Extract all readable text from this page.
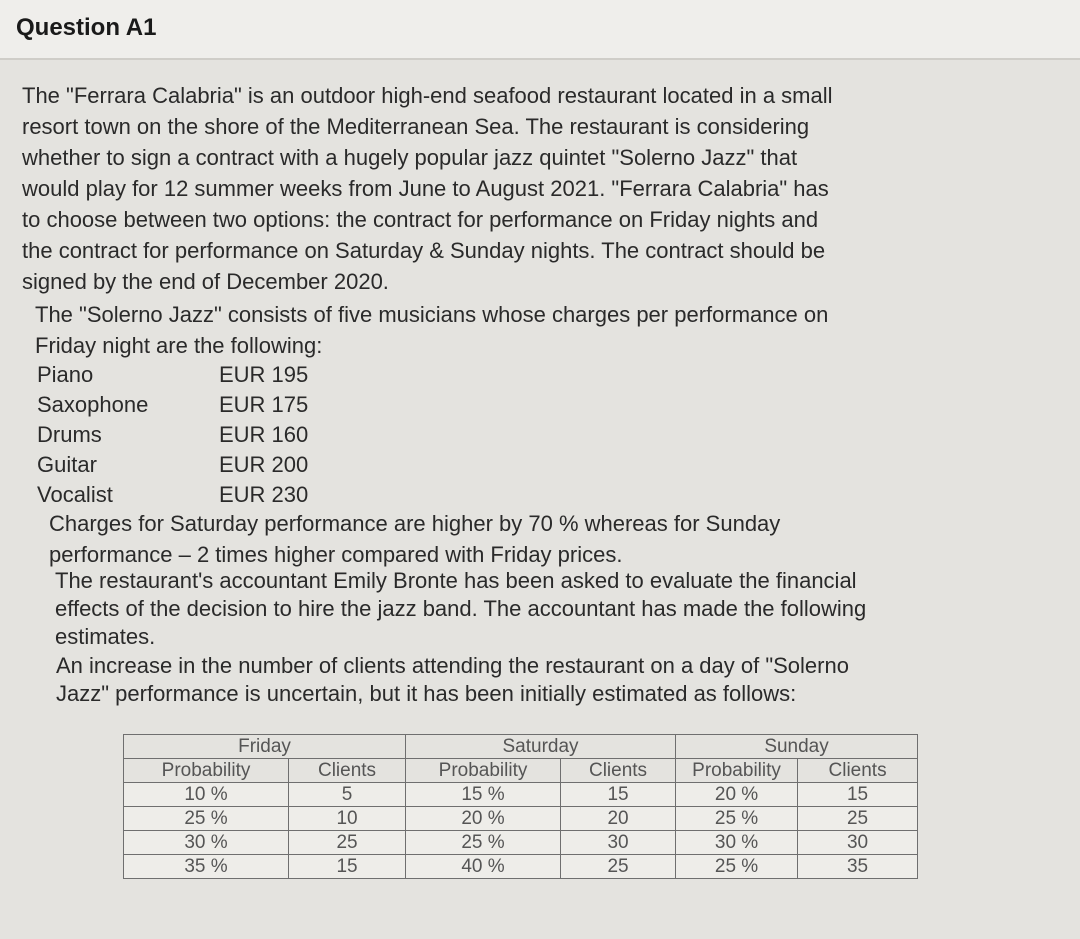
Question A1
The "Ferrara Calabria" is an outdoor high-end seafood restaurant located in a small
resort town on the shore of the Mediterranean Sea. The restaurant is considering
whether to sign a contract with a hugely popular jazz quintet "Solerno Jazz" that
would play for 12 summer weeks from June to August 2021. "Ferrara Calabria" has
to choose between two options: the contract for performance on Friday nights and
the contract for performance on Saturday & Sunday nights. The contract should be
signed by the end of December 2020.
The "Solerno Jazz" consists of five musicians whose charges per performance on
Friday night are the following:
Piano	EUR 195
Saxophone	EUR 175
Drums	EUR 160
Guitar	EUR 200
Vocalist	EUR 230
Charges for Saturday performance are higher by 70 % whereas for Sunday
performance – 2 times higher compared with Friday prices.
The restaurant's accountant Emily Bronte has been asked to evaluate the financial
effects of the decision to hire the jazz band. The accountant has made the following
estimates.
An increase in the number of clients attending the restaurant on a day of "Solerno
Jazz" performance is uncertain, but it has been initially estimated as follows:
Friday		Saturday		Sunday	
Probability	Clients	Probability	Clients	Probability	Clients
10 %	5	15 %	15	20 %	15
25 %	10	20 %	20	25 %	25
30 %	25	25 %	30	30 %	30
35 %	15	40 %	25	25 %	35
